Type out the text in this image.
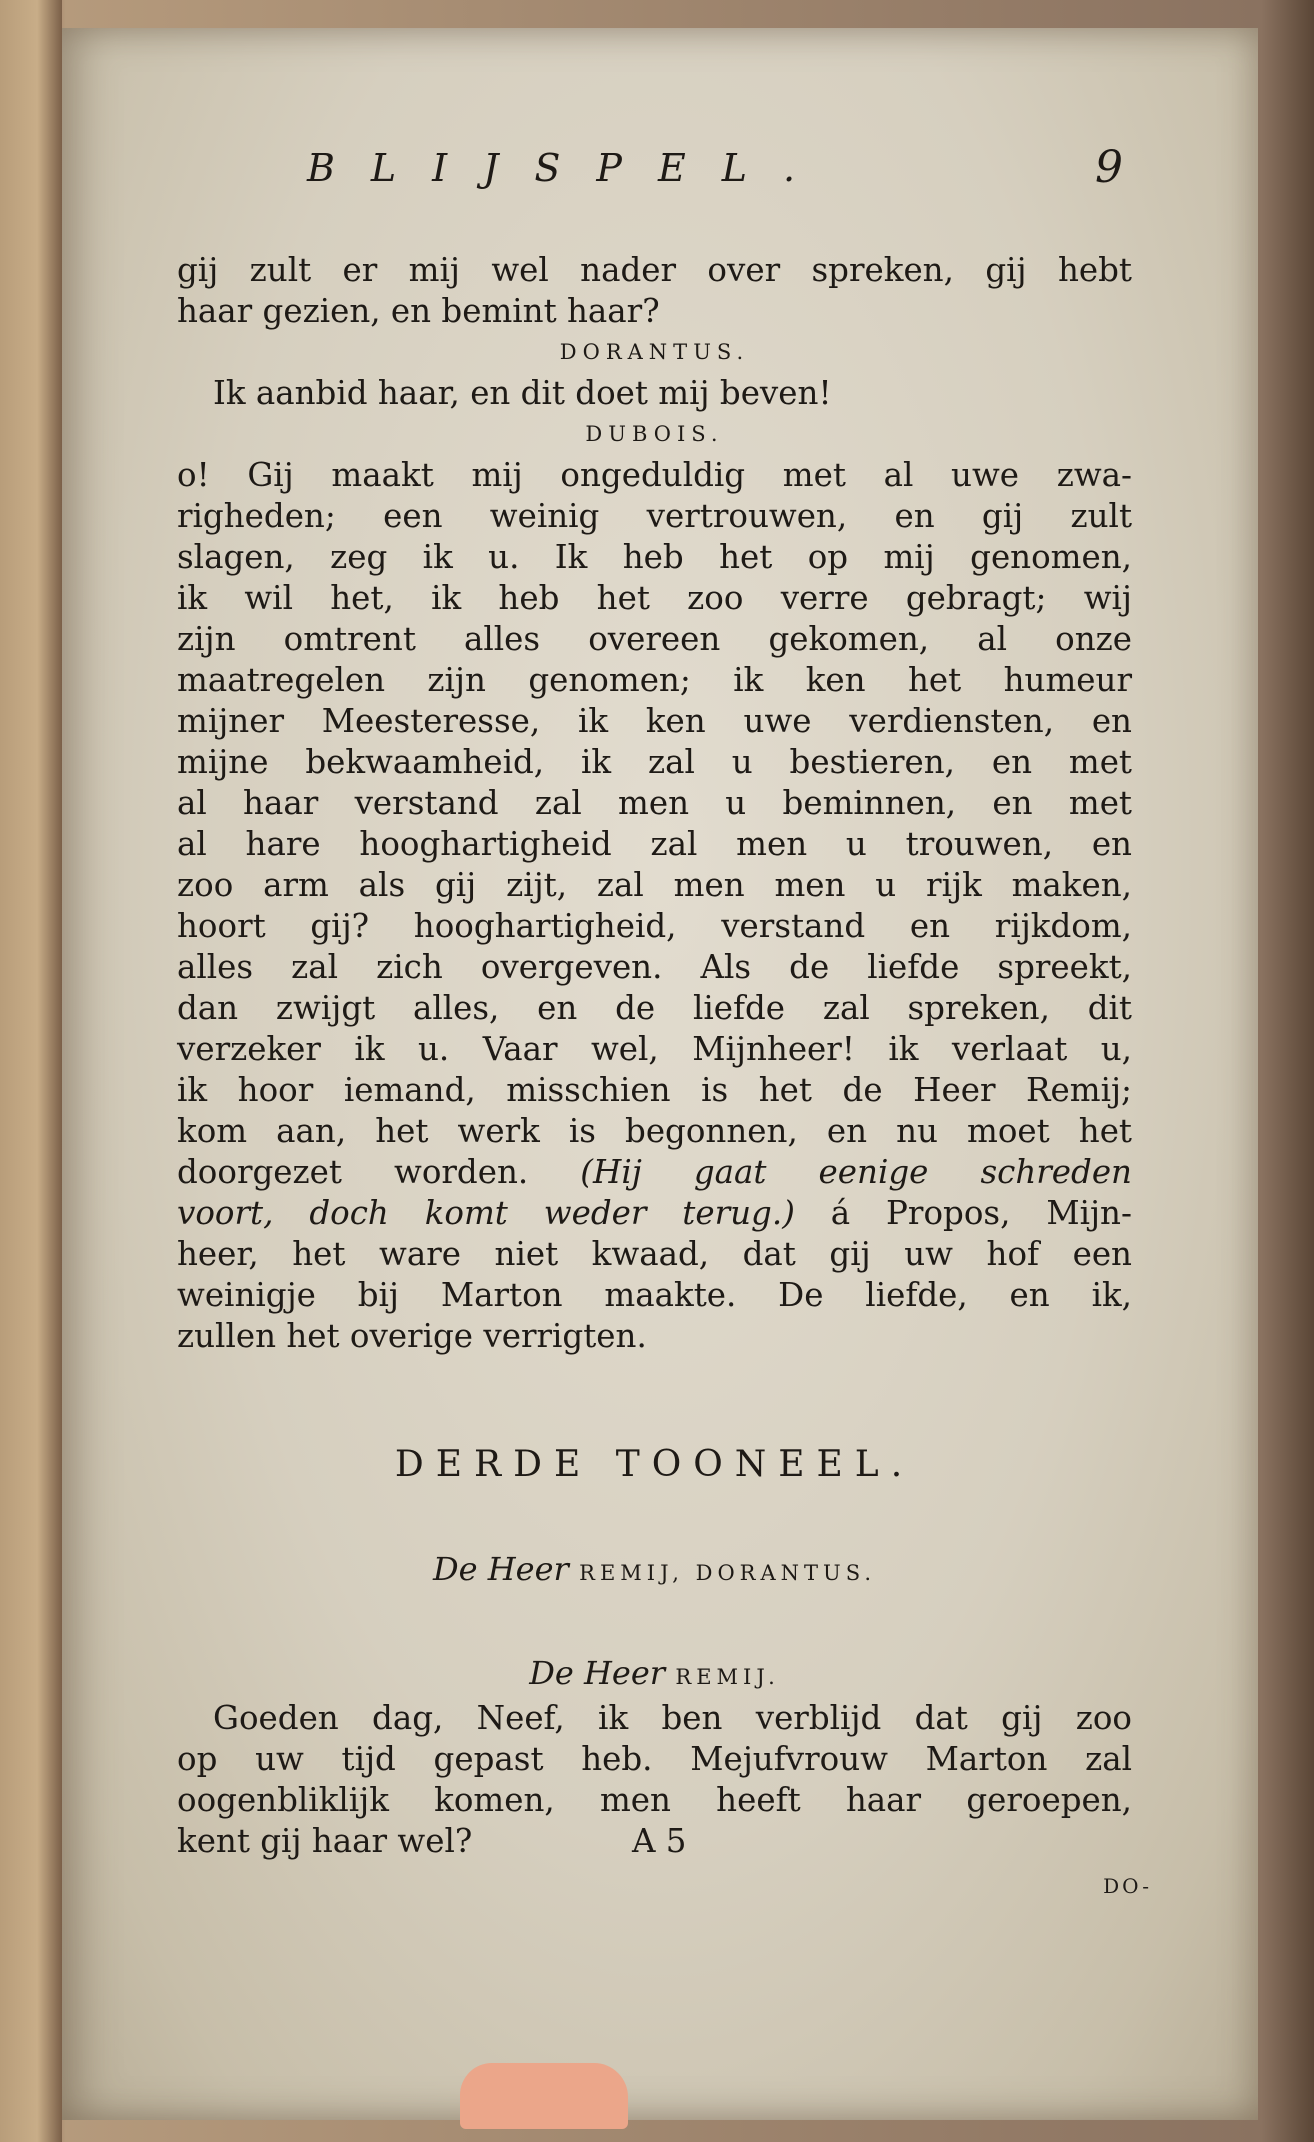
BLIJSPEL.	9
gij zult er mij wel nader over spreken, gij hebt
haar gezien, en bemint haar?
DORANTUS.
Ik aanbid haar, en dit doet mij beven!
DUBOIS.
o! Gij maakt mij ongeduldig met al uwe zwa-
righeden; een weinig vertrouwen, en gij zult
slagen, zeg ik u. Ik heb het op mij genomen,
ik wil het, ik heb het zoo verre gebragt; wij
zijn omtrent alles overeen gekomen, al onze
maatregelen zijn genomen; ik ken het humeur
mijner Meesteresse, ik ken uwe verdiensten, en
mijne bekwaamheid, ik zal u bestieren, en met
al haar verstand zal men u beminnen, en met
al hare hooghartigheid zal men u trouwen, en
zoo arm als gij zijt, zal men men u rijk maken,
hoort gij? hooghartigheid, verstand en rijkdom,
alles zal zich overgeven. Als de liefde spreekt,
dan zwijgt alles, en de liefde zal spreken, dit
verzeker ik u. Vaar wel, Mijnheer! ik verlaat u,
ik hoor iemand, misschien is het de Heer Remij;
kom aan, het werk is begonnen, en nu moet het
doorgezet worden. (Hij gaat eenige schreden
voort, doch komt weder terug.) á Propos, Mijn-
heer, het ware niet kwaad, dat gij uw hof een
weinigje bij Marton maakte. De liefde, en ik,
zullen het overige verrigten.
DERDE TOONEEL.
De Heer REMIJ, DORANTUS.
De Heer REMIJ.
Goeden dag, Neef, ik ben verblijd dat gij zoo
op uw tijd gepast heb. Mejufvrouw Marton zal
oogenbliklijk komen, men heeft haar geroepen,
kent gij haar wel?	A 5
DO-
